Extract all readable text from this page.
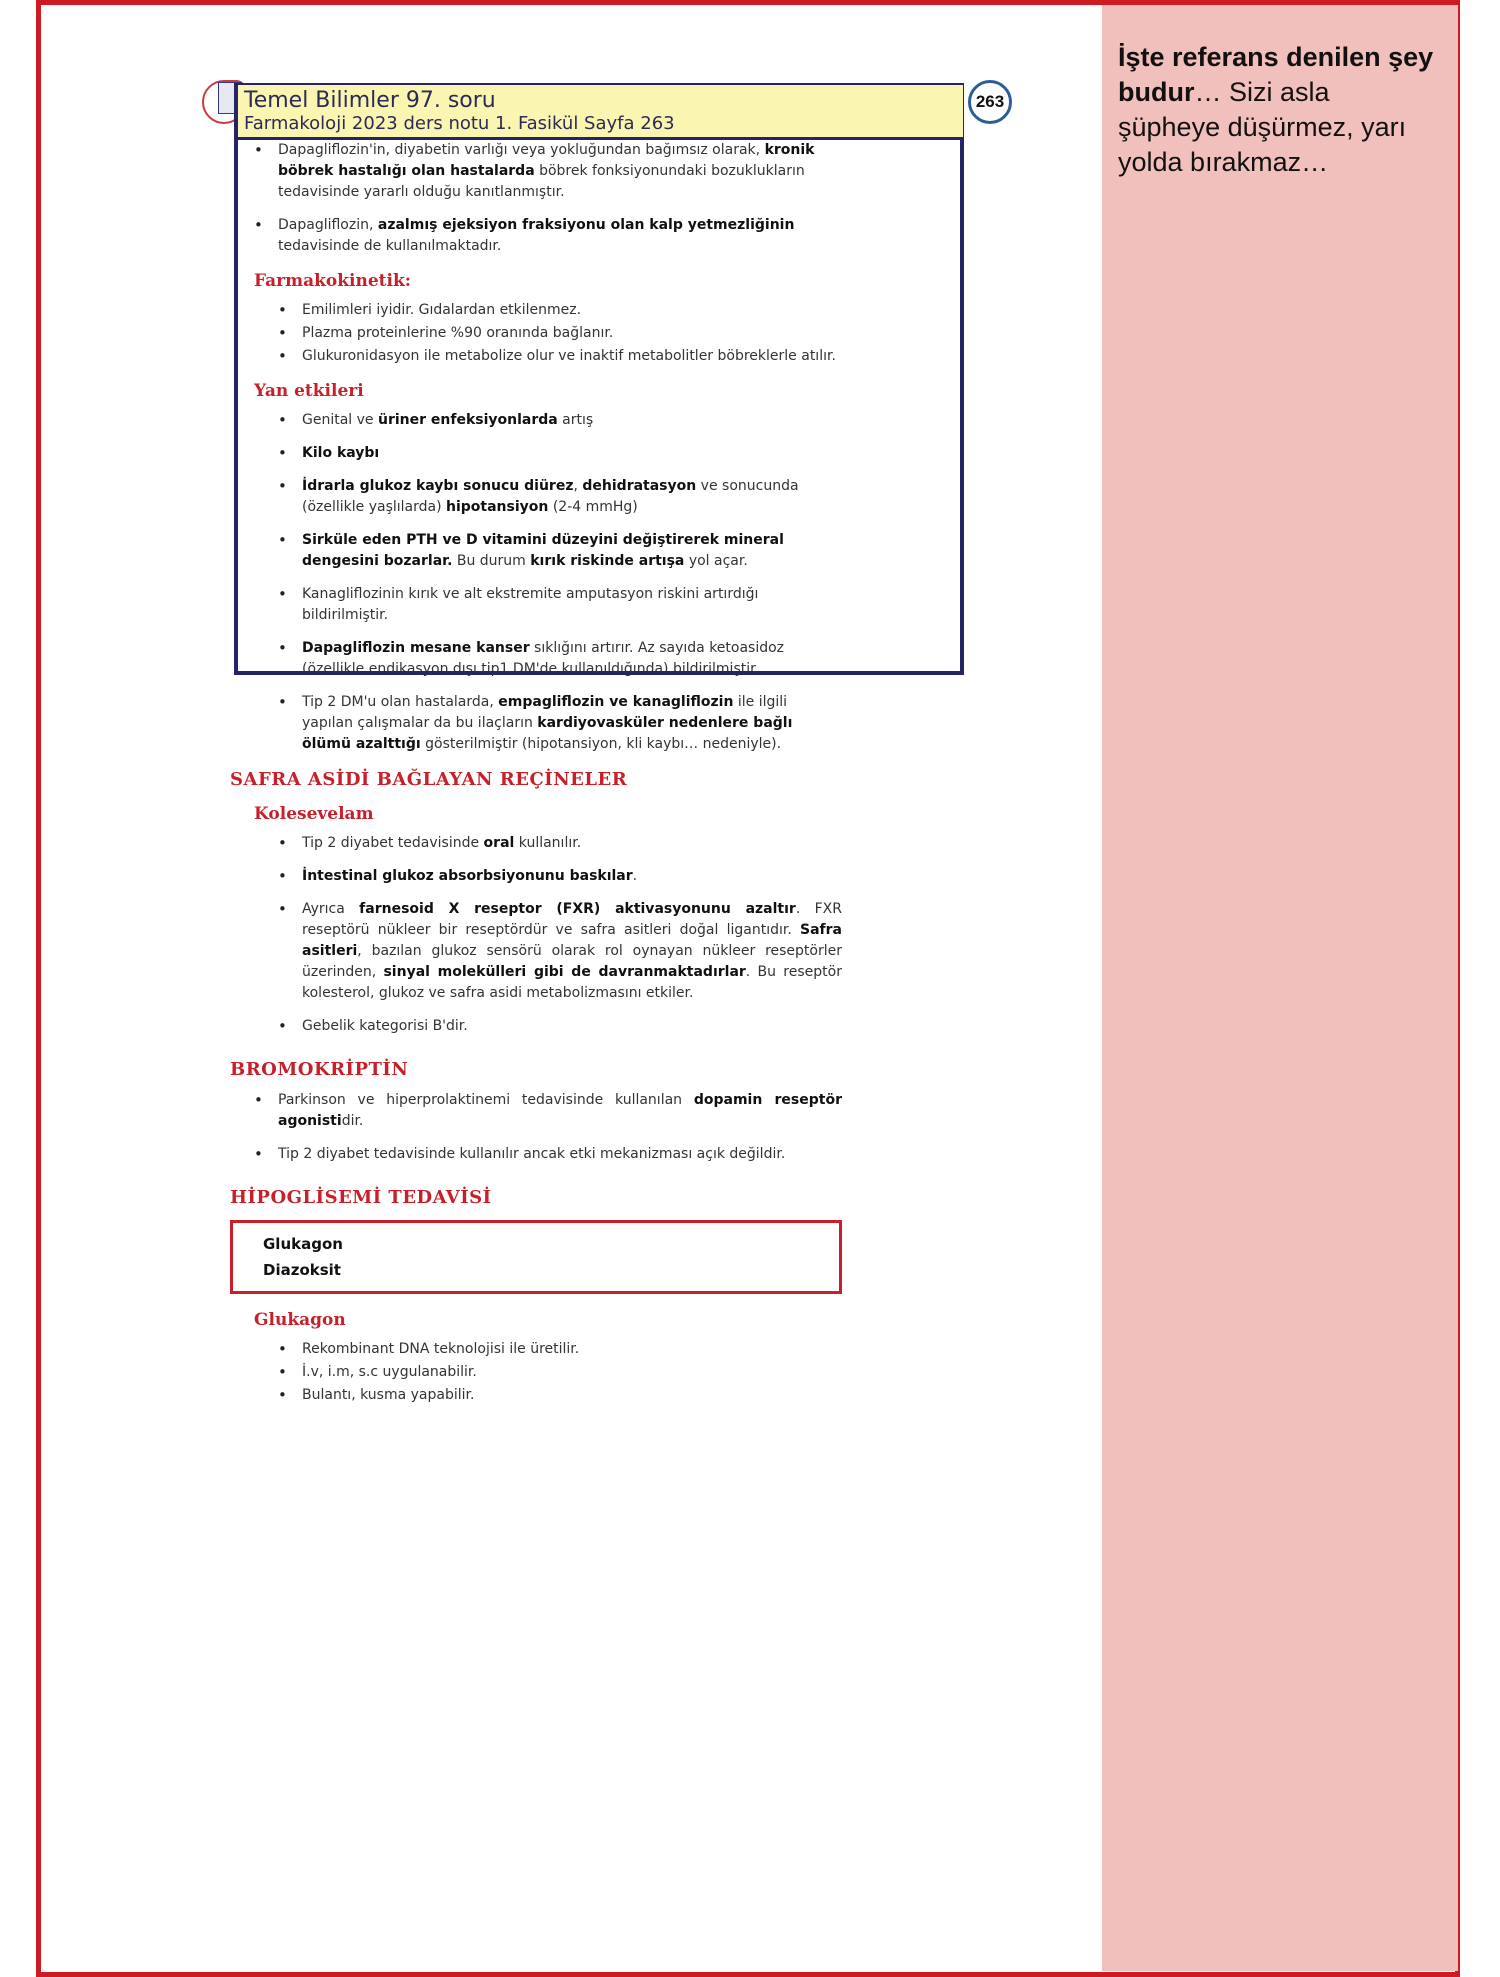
İşte referans denilen şey budur… Sizi asla şüpheye düşürmez, yarı yolda bırakmaz…
263
• Dapagliflozin'in, diyabetin varlığı veya yokluğundan bağımsız olarak, kronik böbrek hastalığı olan hastalarda böbrek fonksiyonundaki bozuklukların tedavisinde yararlı olduğu kanıtlanmıştır.
• Dapagliflozin, azalmış ejeksiyon fraksiyonu olan kalp yetmezliğinin tedavisinde de kullanılmaktadır.
Farmakokinetik:
• Emilimleri iyidir. Gıdalardan etkilenmez.
• Plazma proteinlerine %90 oranında bağlanır.
• Glukuronidasyon ile metabolize olur ve inaktif metabolitler böbreklerle atılır.
Yan etkileri
• Genital ve üriner enfeksiyonlarda artış
• Kilo kaybı
• İdrarla glukoz kaybı sonucu diürez, dehidratasyon ve sonucunda (özellikle yaşlılarda) hipotansiyon (2-4 mmHg)
• Sirküle eden PTH ve D vitamini düzeyini değiştirerek mineral dengesini bozarlar. Bu durum kırık riskinde artışa yol açar.
• Kanagliflozinin kırık ve alt ekstremite amputasyon riskini artırdığı bildirilmiştir.
• Dapagliflozin mesane kanser sıklığını artırır. Az sayıda ketoasidoz (özellikle endikasyon dışı tip1 DM'de kullanıldığında) bildirilmiştir.
• Tip 2 DM'u olan hastalarda, empagliflozin ve kanagliflozin ile ilgili yapılan çalışmalar da bu ilaçların kardiyovasküler nedenlere bağlı ölümü azalttığı gösterilmiştir (hipotansiyon, kli kaybı… nedeniyle).
SAFRA ASİDİ BAĞLAYAN REÇİNELER
Kolesevelam
• Tip 2 diyabet tedavisinde oral kullanılır.
• İntestinal glukoz absorbsiyonunu baskılar.
• Ayrıca farnesoid X reseptor (FXR) aktivasyonunu azaltır. FXR reseptörü nükleer bir reseptördür ve safra asitleri doğal ligantıdır. Safra asitleri, bazılan glukoz sensörü olarak rol oynayan nükleer reseptörler üzerinden, sinyal molekülleri gibi de davranmaktadırlar. Bu reseptör kolesterol, glukoz ve safra asidi metabolizmasını etkiler.
• Gebelik kategorisi B'dir.
BROMOKRİPTİN
• Parkinson ve hiperprolaktinemi tedavisinde kullanılan dopamin reseptör agonistidir.
• Tip 2 diyabet tedavisinde kullanılır ancak etki mekanizması açık değildir.
HİPOGLİSEMİ TEDAVİSİ
Glukagon
Diazoksit
Glukagon
• Rekombinant DNA teknolojisi ile üretilir.
• İ.v, i.m, s.c uygulanabilir.
• Bulantı, kusma yapabilir.
Temel Bilimler 97. soru
Farmakoloji 2023 ders notu 1. Fasikül Sayfa 263
